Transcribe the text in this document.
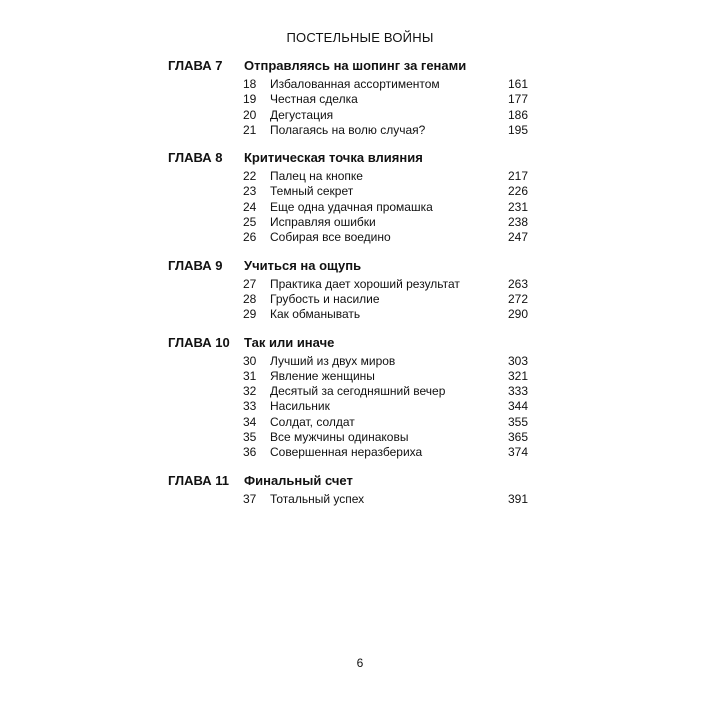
ПОСТЕЛЬНЫЕ ВОЙНЫ
ГЛАВА 7	Отправляясь на шопинг за генами
18	Избалованная ассортиментом	161
19	Честная сделка	177
20	Дегустация	186
21	Полагаясь на волю случая?	195
ГЛАВА 8	Критическая точка влияния
22	Палец на кнопке	217
23	Темный секрет	226
24	Еще одна удачная промашка	231
25	Исправляя ошибки	238
26	Собирая все воедино	247
ГЛАВА 9	Учиться на ощупь
27	Практика дает хороший результат	263
28	Грубость и насилие	272
29	Как обманывать	290
ГЛАВА 10	Так или иначе
30	Лучший из двух миров	303
31	Явление женщины	321
32	Десятый за сегодняшний вечер	333
33	Насильник	344
34	Солдат, солдат	355
35	Все мужчины одинаковы	365
36	Совершенная неразбериха	374
ГЛАВА 11	Финальный счет
37	Тотальный успех	391
6
